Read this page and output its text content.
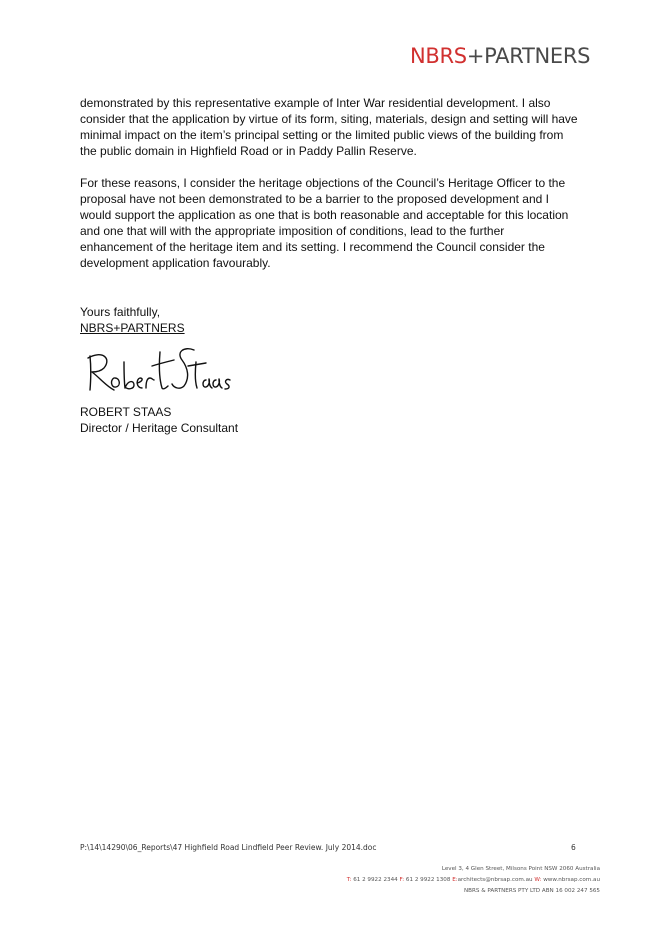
NBRS+PARTNERS

demonstrated by this representative example of Inter War residential development. I also consider that the application by virtue of its form, siting, materials, design and setting will have minimal impact on the item’s principal setting or the limited public views of the building from the public domain in Highfield Road or in Paddy Pallin Reserve.

For these reasons, I consider the heritage objections of the Council’s Heritage Officer to the proposal have not been demonstrated to be a barrier to the proposed development and I would support the application as one that is both reasonable and acceptable for this location and one that will with the appropriate imposition of conditions, lead to the further enhancement of the heritage item and its setting. I recommend the Council consider the development application favourably.

Yours faithfully,
NBRS+PARTNERS
ROBERT STAAS
Director / Heritage Consultant
P:\14\14290\06_Reports\47 Highfield Road Lindfield Peer Review. July 2014.doc	6
Level 3, 4 Glen Street, Milsons Point NSW 2060 Australia
T: 61 2 9922 2344 F: 61 2 9922 1308 E:architects@nbrsap.com.au W: www.nbrsap.com.au
NBRS & PARTNERS PTY LTD ABN 16 002 247 565
